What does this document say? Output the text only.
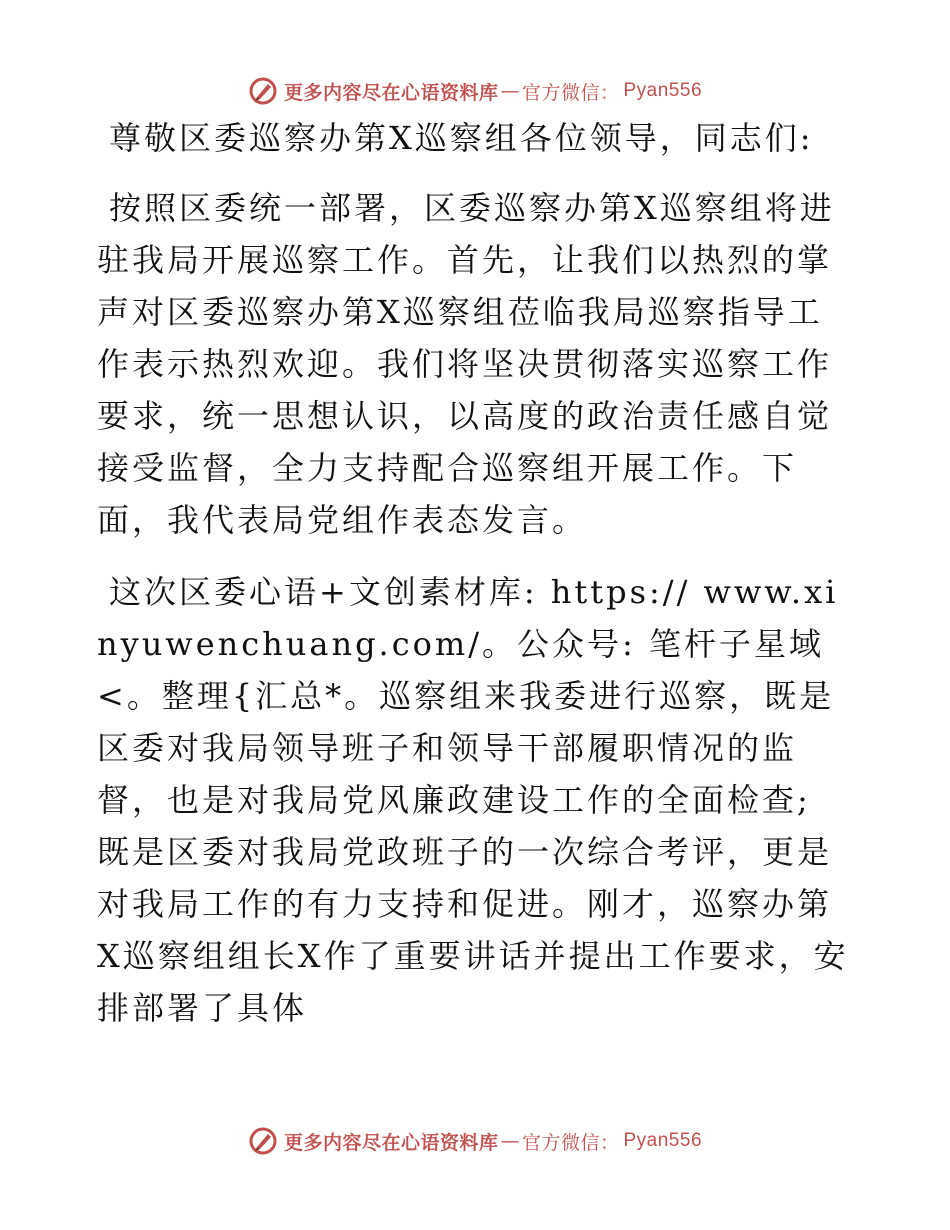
更多内容尽在心语资料库 — 官方微信： Pyan556

尊敬区委巡察办第X巡察组各位领导，同志们:

按照区委统一部署，区委巡察办第X巡察组将进驻我局开展巡察工作。首先，让我们以热烈的掌声对区委巡察办第X巡察组莅临我局巡察指导工作表示热烈欢迎。我们将坚决贯彻落实巡察工作要求，统一思想认识，以高度的政治责任感自觉接受监督，全力支持配合巡察组开展工作。下面，我代表局党组作表态发言。

这次区委心语+文创素材库: https:// www.xinyuwenchuang.com/。公众号: 笔杆子星域<。整理{汇总*。巡察组来我委进行巡察，既是区委对我局领导班子和领导干部履职情况的监督，也是对我局党风廉政建设工作的全面检查; 既是区委对我局党政班子的一次综合考评，更是对我局工作的有力支持和促进。刚才，巡察办第X巡察组组长X作了重要讲话并提出工作要求，安排部署了具体

更多内容尽在心语资料库 — 官方微信： Pyan556
